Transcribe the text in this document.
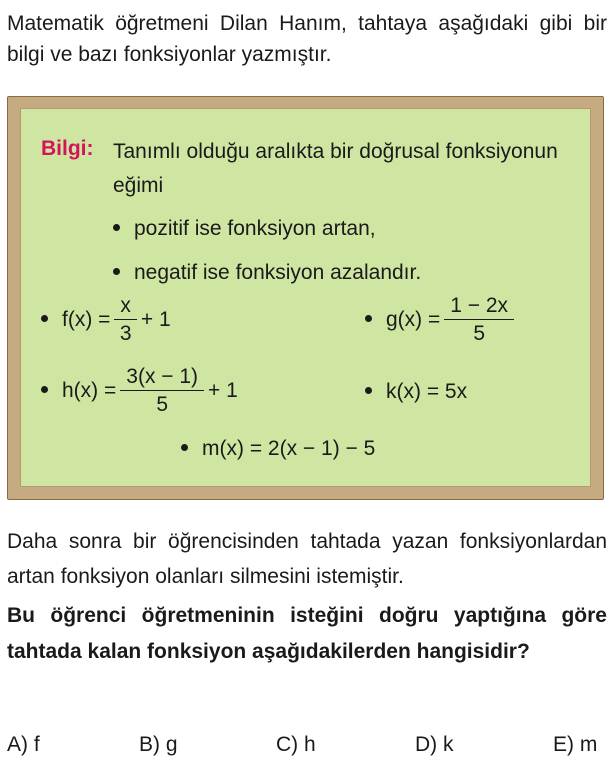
Matematik öğretmeni Dilan Hanım, tahtaya aşağıdaki gibi bir bilgi ve bazı fonksiyonlar yazmıştır.
Bilgi: Tanımlı olduğu aralıkta bir doğrusal fonksiyonun eğimi
pozitif ise fonksiyon artan,
negatif ise fonksiyon azalandır.
$f(x) = \frac{x}{3} + 1$	$g(x) = \frac{1 - 2x}{5}$
$h(x) = \frac{3(x - 1)}{5} + 1$	k(x) = 5x
m(x) = 2(x − 1) − 5
Daha sonra bir öğrencisinden tahtada yazan fonksiyonlardan artan fonksiyon olanları silmesini istemiştir.
Bu öğrenci öğretmeninin isteğini doğru yaptığına göre tahtada kalan fonksiyon aşağıdakilerden hangisidir?
A) f	B) g	C) h	D) k	E) m
